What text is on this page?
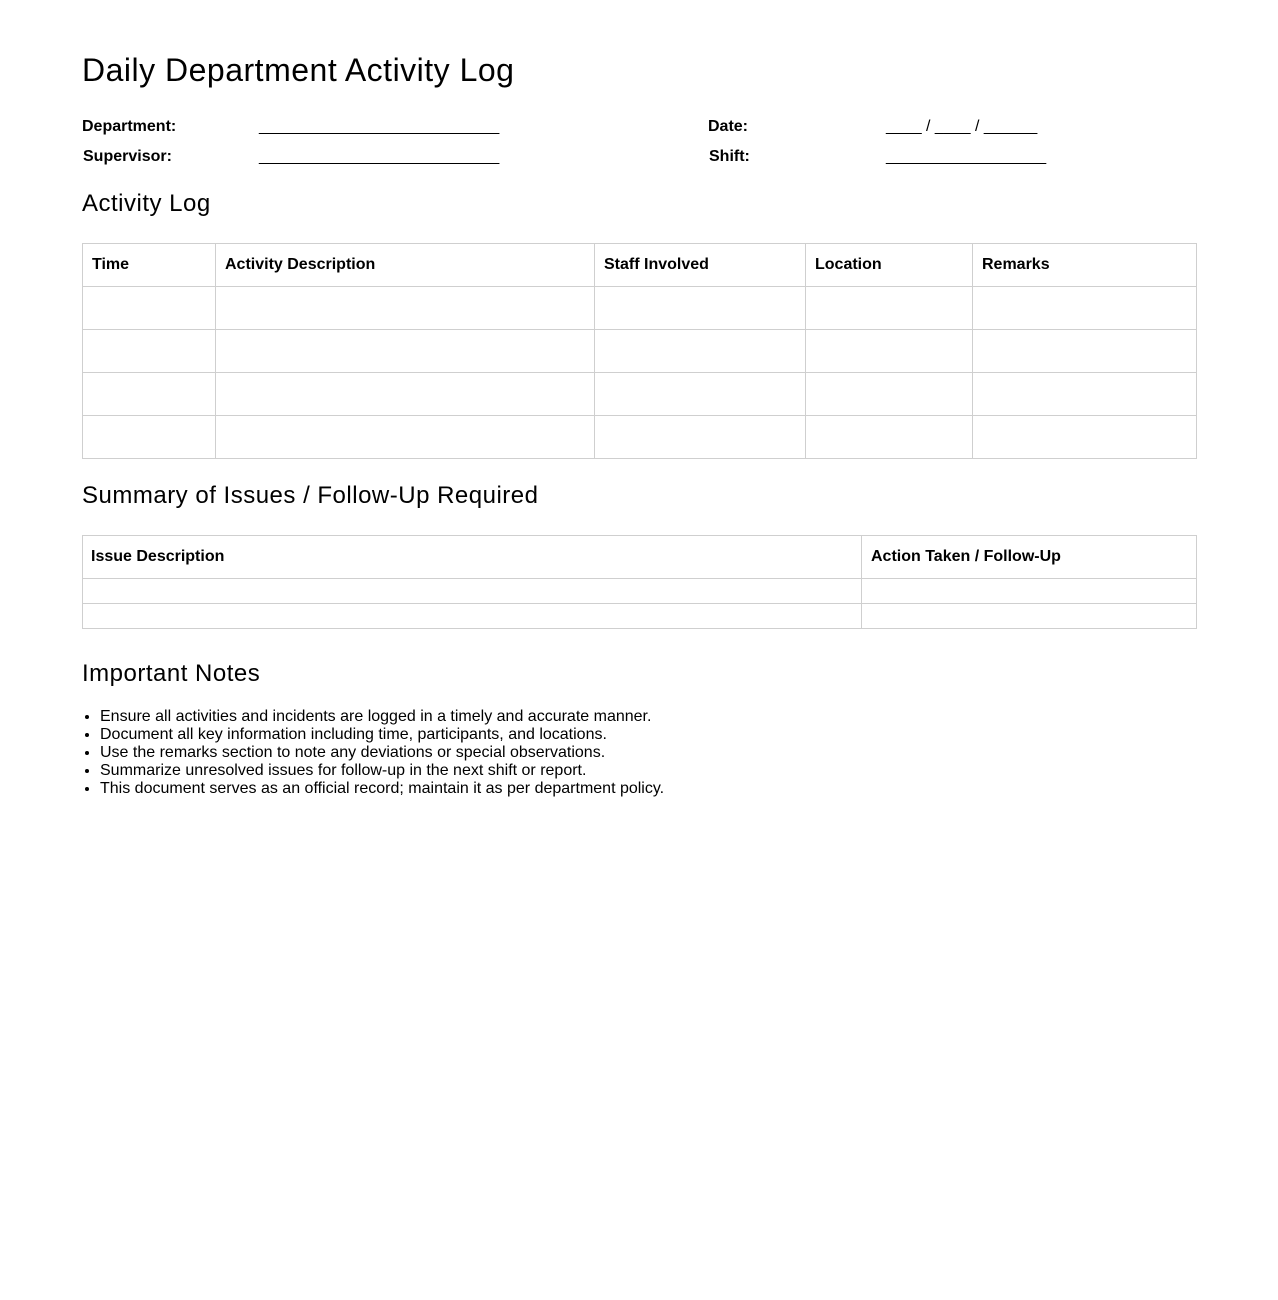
Daily Department Activity Log
Department:	___________________________
Supervisor:	___________________________
Date:	____ / ____ / ______
Shift:	__________________
Activity Log
Time	Activity Description	Staff Involved	Location	Remarks

Summary of Issues / Follow-Up Required
Issue Description	Action Taken / Follow-Up

Important Notes
• Ensure all activities and incidents are logged in a timely and accurate manner.
• Document all key information including time, participants, and locations.
• Use the remarks section to note any deviations or special observations.
• Summarize unresolved issues for follow-up in the next shift or report.
• This document serves as an official record; maintain it as per department policy.
